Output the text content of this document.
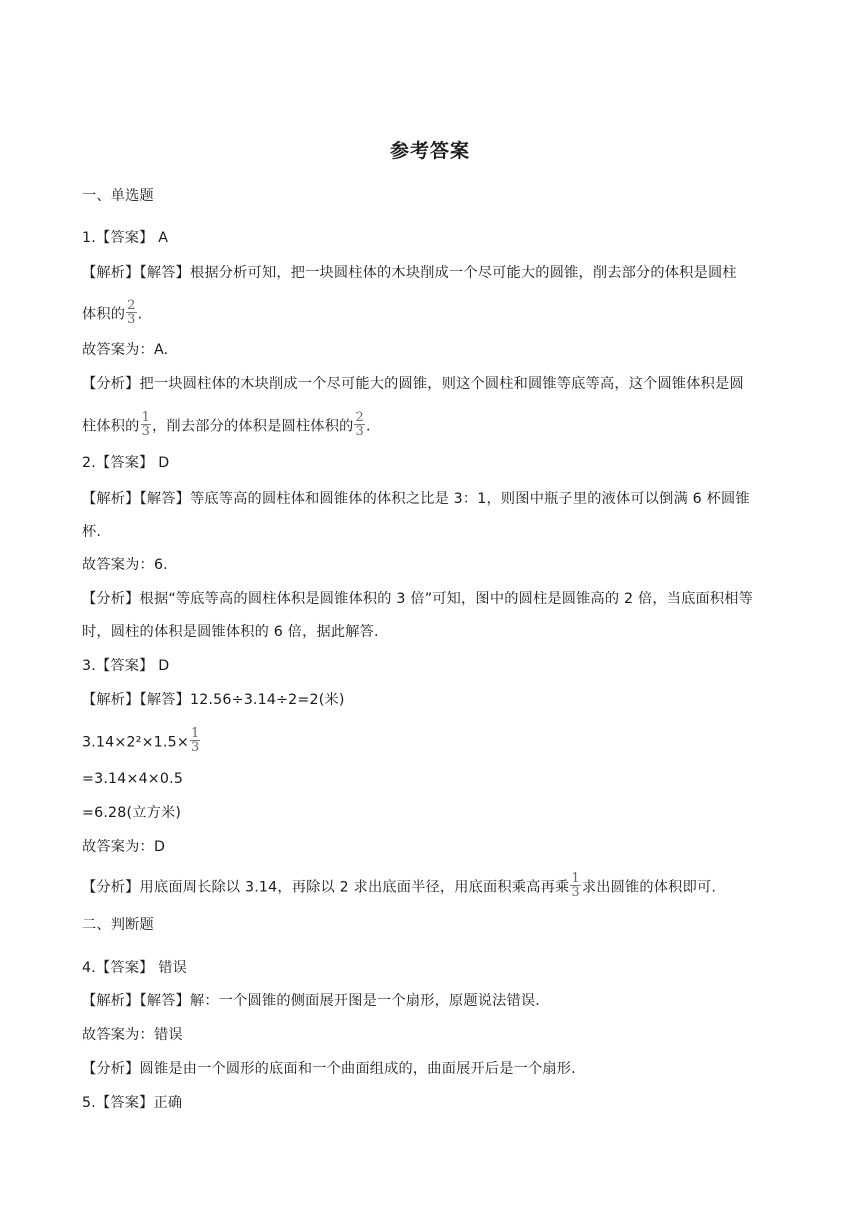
参考答案
一、单选题
1.【答案】 A
【解析】【解答】根据分析可知，把一块圆柱体的木块削成一个尽可能大的圆锥，削去部分的体积是圆柱
体积的 $\frac{2}{3}$ .
故答案为：A.
【分析】把一块圆柱体的木块削成一个尽可能大的圆锥，则这个圆柱和圆锥等底等高，这个圆锥体积是圆
柱体积的 $\frac{1}{3}$ ，削去部分的体积是圆柱体积的 $\frac{2}{3}$ .
2.【答案】 D
【解析】【解答】等底等高的圆柱体和圆锥体的体积之比是 3：1，则图中瓶子里的液体可以倒满 6 杯圆锥
杯.
故答案为：6.
【分析】根据“等底等高的圆柱体积是圆锥体积的 3 倍”可知，图中的圆柱是圆锥高的 2 倍，当底面积相等
时，圆柱的体积是圆锥体积的 6 倍，据此解答.
3.【答案】 D
【解析】【解答】12.56÷3.14÷2=2(米)
$3.14\times 2^2\times 1.5\times \frac{1}{3}$
=3.14×4×0.5
=6.28(立方米)
故答案为：D
【分析】用底面周长除以 3.14，再除以 2 求出底面半径，用底面积乘高再乘 $\frac{1}{3}$ 求出圆锥的体积即可.
二、判断题
4.【答案】 错误
【解析】【解答】解：一个圆锥的侧面展开图是一个扇形，原题说法错误.
故答案为：错误
【分析】圆锥是由一个圆形的底面和一个曲面组成的，曲面展开后是一个扇形.
5.【答案】正确
